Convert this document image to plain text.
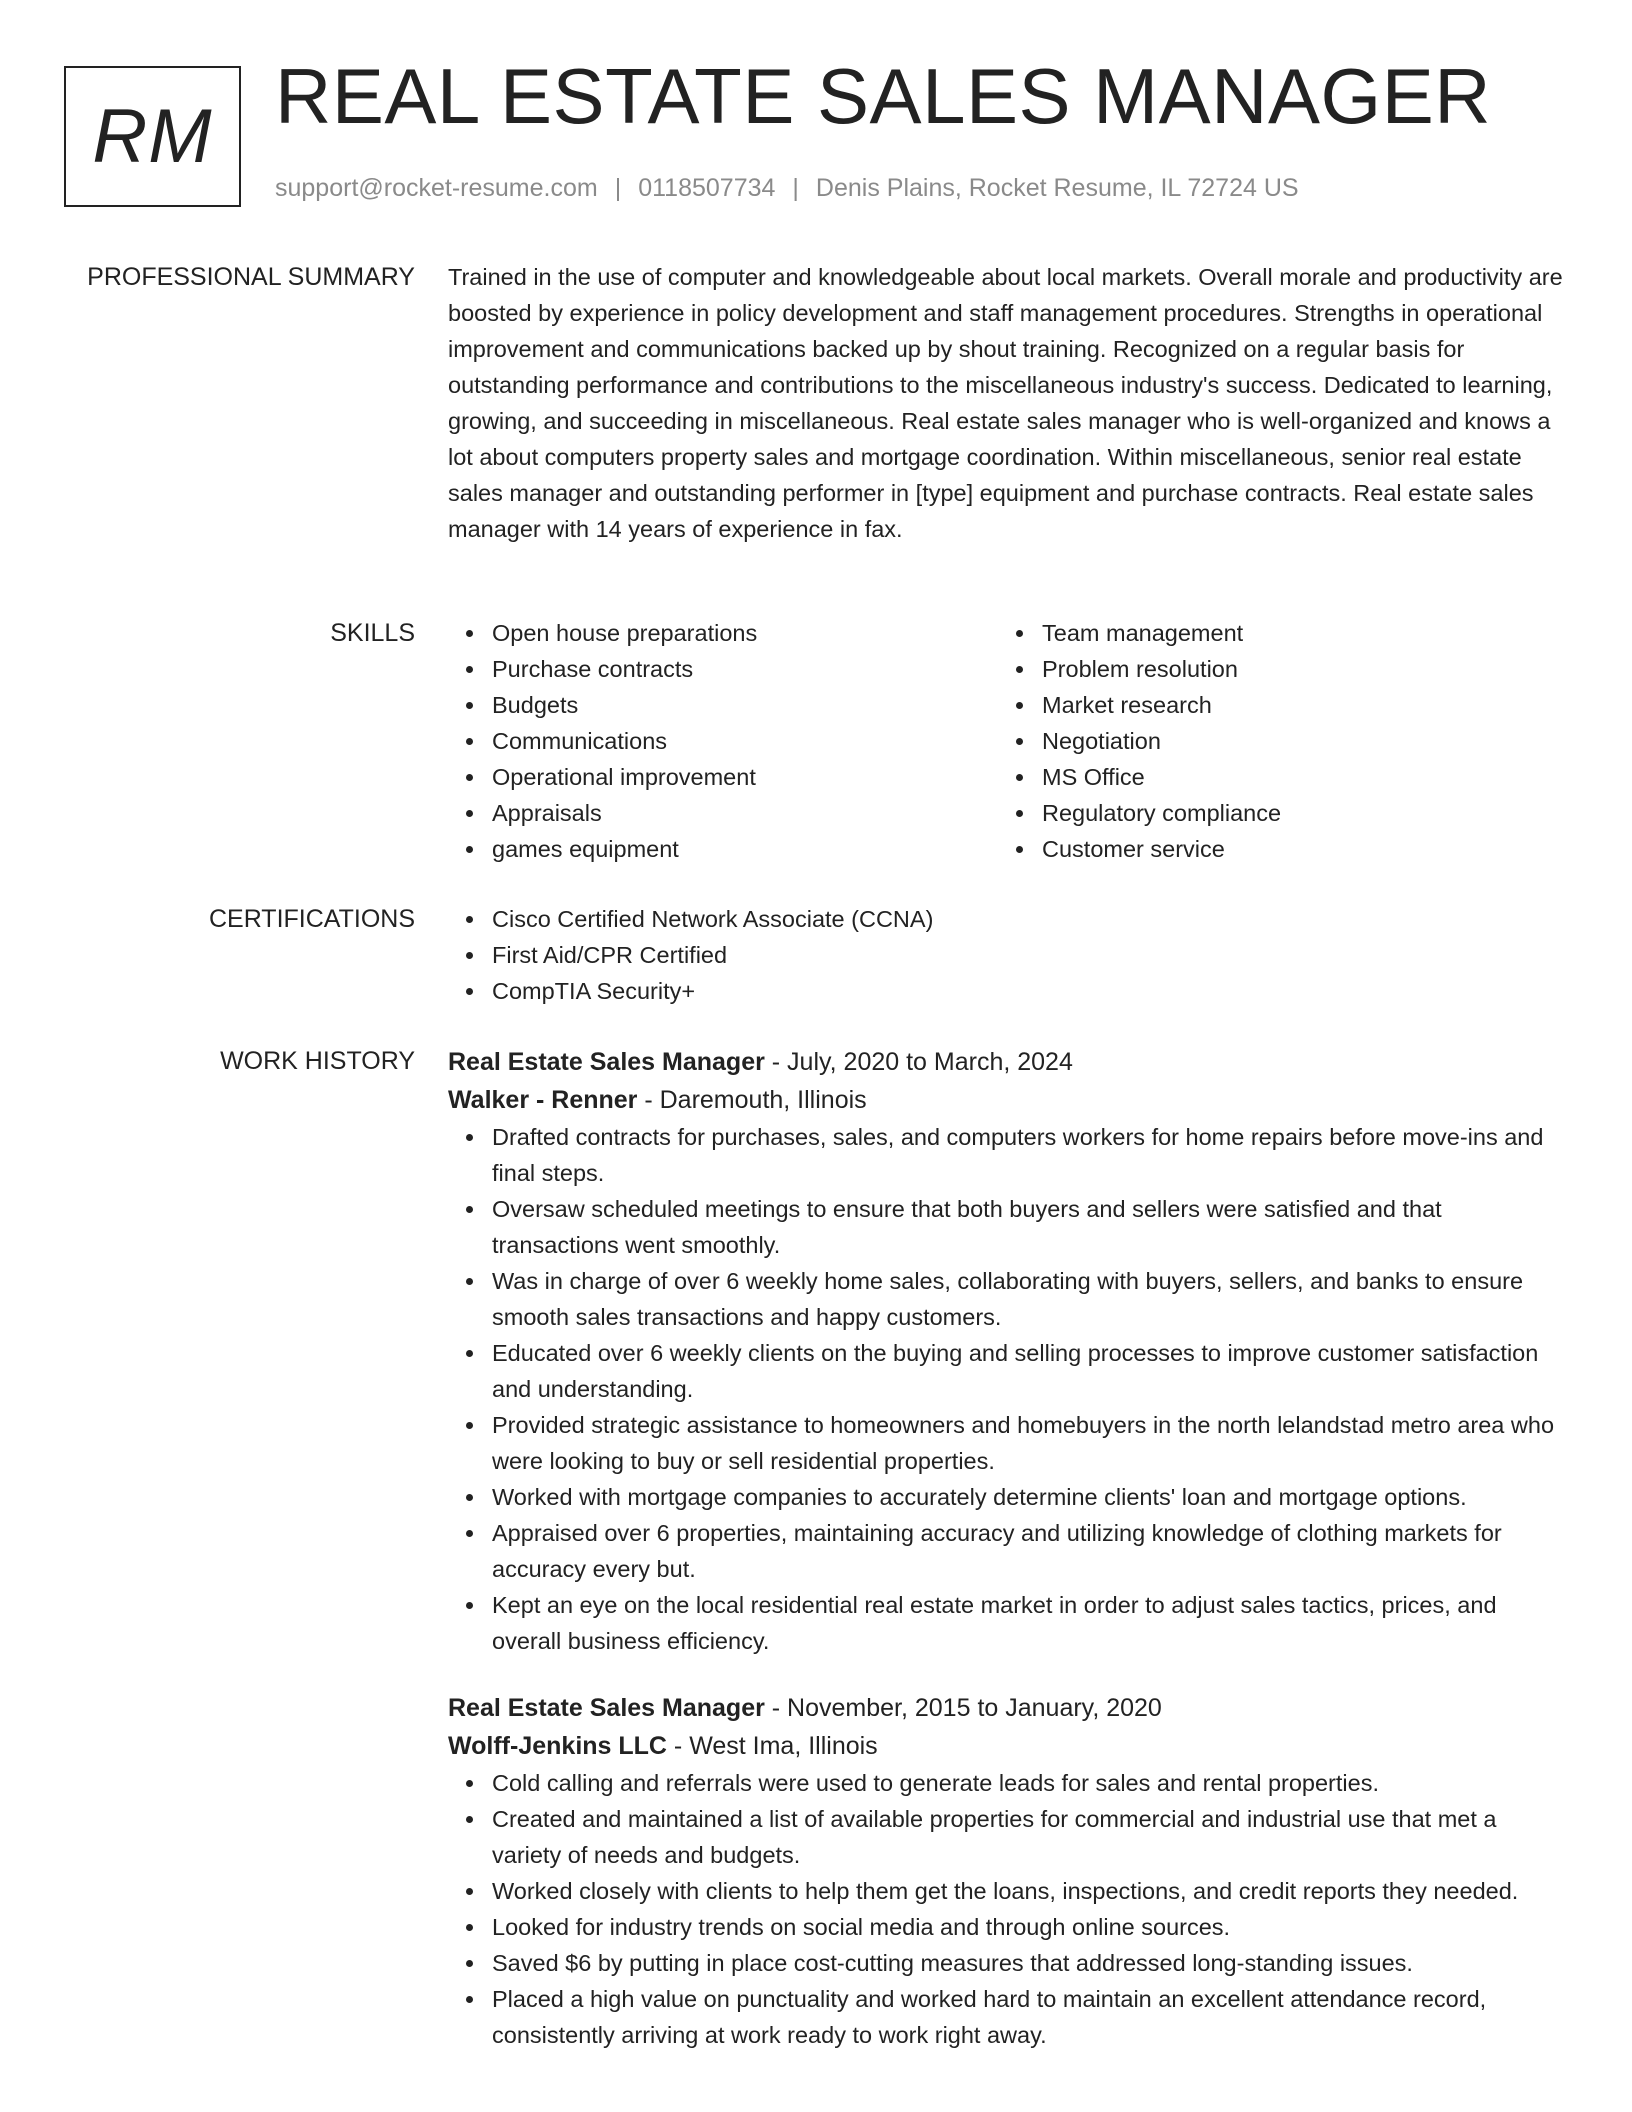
RM REAL ESTATE SALES MANAGER
support@rocket-resume.com | 0118507734 | Denis Plains, Rocket Resume, IL 72724 US
PROFESSIONAL SUMMARY Trained in the use of computer and knowledgeable about local markets. Overall morale and productivity are boosted by experience in policy development and staff management procedures. Strengths in operational improvement and communications backed up by shout training. Recognized on a regular basis for outstanding performance and contributions to the miscellaneous industry's success. Dedicated to learning, growing, and succeeding in miscellaneous. Real estate sales manager who is well-organized and knows a lot about computers property sales and mortgage coordination. Within miscellaneous, senior real estate sales manager and outstanding performer in [type] equipment and purchase contracts. Real estate sales manager with 14 years of experience in fax.

SKILLS	Open house preparations
Purchase contracts
Budgets
Communications
Operational improvement
Appraisals
games equipment
Team management
Problem resolution
Market research
Negotiation
MS Office
Regulatory compliance
Customer service
CERTIFICATIONS	Cisco Certified Network Associate (CCNA)
First Aid/CPR Certified
CompTIA Security+
WORK HISTORY Real Estate Sales Manager - July, 2020 to March, 2024
Walker - Renner - Daremouth, Illinois
Drafted contracts for purchases, sales, and computers workers for home repairs before move-ins and final steps.
Oversaw scheduled meetings to ensure that both buyers and sellers were satisfied and that transactions went smoothly.
Was in charge of over 6 weekly home sales, collaborating with buyers, sellers, and banks to ensure smooth sales transactions and happy customers.
Educated over 6 weekly clients on the buying and selling processes to improve customer satisfaction and understanding.
Provided strategic assistance to homeowners and homebuyers in the north lelandstad metro area who were looking to buy or sell residential properties.
Worked with mortgage companies to accurately determine clients' loan and mortgage options.
Appraised over 6 properties, maintaining accuracy and utilizing knowledge of clothing markets for accuracy every but.
Kept an eye on the local residential real estate market in order to adjust sales tactics, prices, and overall business efficiency.
Real Estate Sales Manager - November, 2015 to January, 2020
Wolff-Jenkins LLC - West Ima, Illinois
Cold calling and referrals were used to generate leads for sales and rental properties.
Created and maintained a list of available properties for commercial and industrial use that met a variety of needs and budgets.
Worked closely with clients to help them get the loans, inspections, and credit reports they needed.
Looked for industry trends on social media and through online sources.
Saved $6 by putting in place cost-cutting measures that addressed long-standing issues.
Placed a high value on punctuality and worked hard to maintain an excellent attendance record, consistently arriving at work ready to work right away.
